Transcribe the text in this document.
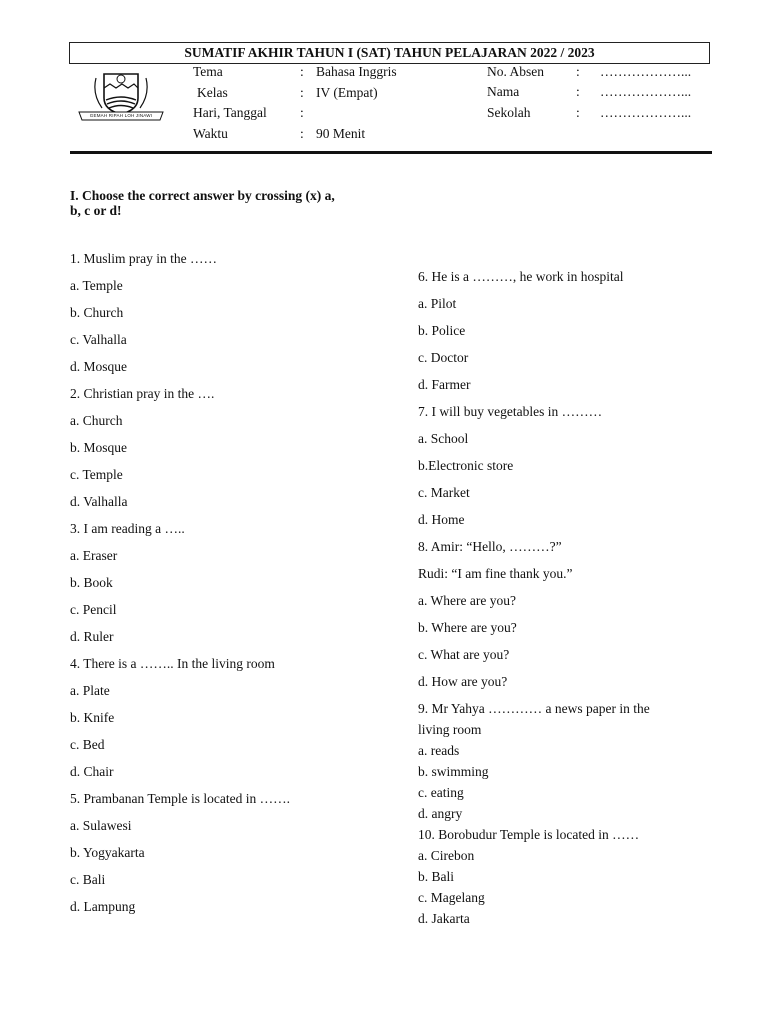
SUMATIF AKHIR TAHUN I (SAT) TAHUN PELAJARAN 2022 / 2023
GEMAH RIPAH LOH JINAWI
Tema	: Bahasa Inggris
Kelas	: IV (Empat)
Hari, Tanggal :
Waktu	: 90 Menit
No. Absen : ………………...
Nama	: ………………...
Sekolah	: ………………...
I. Choose the correct answer by crossing (x) a,
b, c or d!
1. Muslim pray in the ……
a. Temple
b. Church
c. Valhalla
d. Mosque
2. Christian pray in the ….
a. Church
b. Mosque
c. Temple
d. Valhalla
3. I am reading a …..
a. Eraser
b. Book
c. Pencil
d. Ruler
4. There is a …….. In the living room
a. Plate
b. Knife
c. Bed
d. Chair
5. Prambanan Temple is located in …….
a. Sulawesi
b. Yogyakarta
c. Bali
d. Lampung
6. He is a ………, he work in hospital
a. Pilot
b. Police
c. Doctor
d. Farmer
7. I will buy vegetables in ………
a. School
b.Electronic store
c. Market
d. Home
8. Amir: “Hello, ………?”
Rudi: “I am fine thank you.”
a. Where are you?
b. Where are you?
c. What are you?
d. How are you?
9. Mr Yahya ………… a news paper in the
living room
a. reads
b. swimming
c. eating
d. angry
10. Borobudur Temple is located in ……
a. Cirebon
b. Bali
c. Magelang
d. Jakarta
